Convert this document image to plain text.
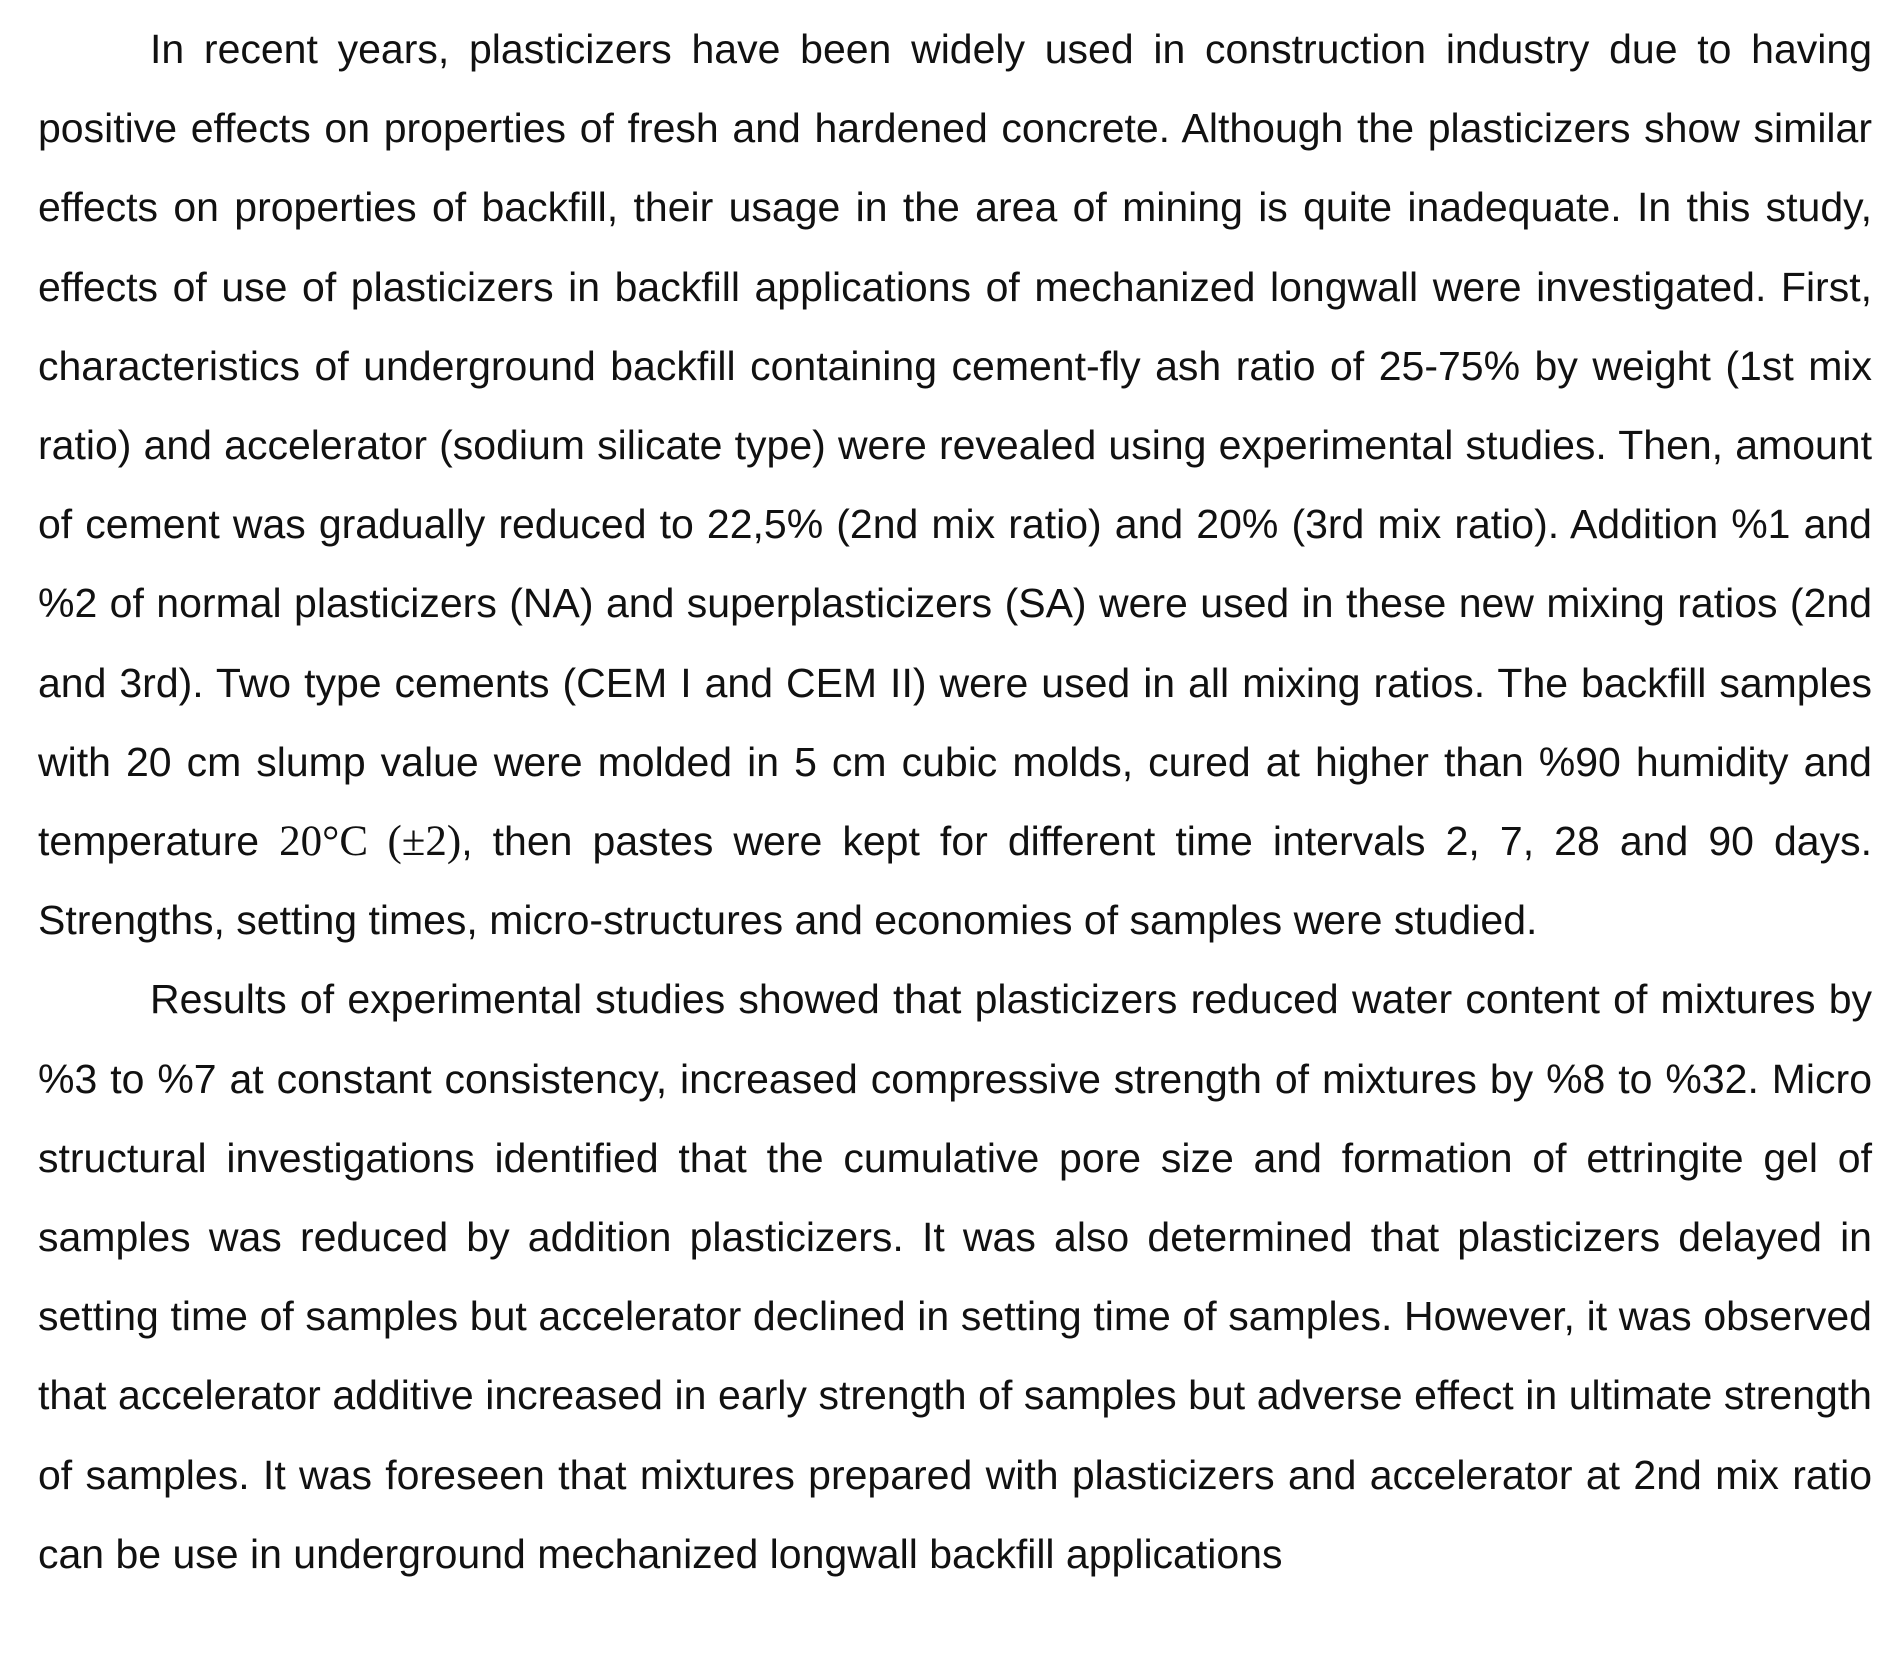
In recent years, plasticizers have been widely used in construction industry due to having positive effects on properties of fresh and hardened concrete. Although the plasticizers show similar effects on properties of backfill, their usage in the area of mining is quite inadequate. In this study, effects of use of plasticizers in backfill applications of mechanized longwall were investigated. First, characteristics of underground backfill containing cement-fly ash ratio of 25-75% by weight (1st mix ratio) and accelerator (sodium silicate type) were revealed using experimental studies. Then, amount of cement was gradually reduced to 22,5% (2nd mix ratio) and 20% (3rd mix ratio). Addition %1 and %2 of normal plasticizers (NA) and superplasticizers (SA) were used in these new mixing ratios (2nd and 3rd). Two type cements (CEM I and CEM II) were used in all mixing ratios. The backfill samples with 20 cm slump value were molded in 5 cm cubic molds, cured at higher than %90 humidity and temperature 20°C (±2), then pastes were kept for different time intervals 2, 7, 28 and 90 days. Strengths, setting times, micro-structures and economies of samples were studied.

Results of experimental studies showed that plasticizers reduced water content of mixtures by %3 to %7 at constant consistency, increased compressive strength of mixtures by %8 to %32. Micro structural investigations identified that the cumulative pore size and formation of ettringite gel of samples was reduced by addition plasticizers. It was also determined that plasticizers delayed in setting time of samples but accelerator declined in setting time of samples. However, it was observed that accelerator additive increased in early strength of samples but adverse effect in ultimate strength of samples. It was foreseen that mixtures prepared with plasticizers and accelerator at 2nd mix ratio can be use in underground mechanized longwall backfill applications
